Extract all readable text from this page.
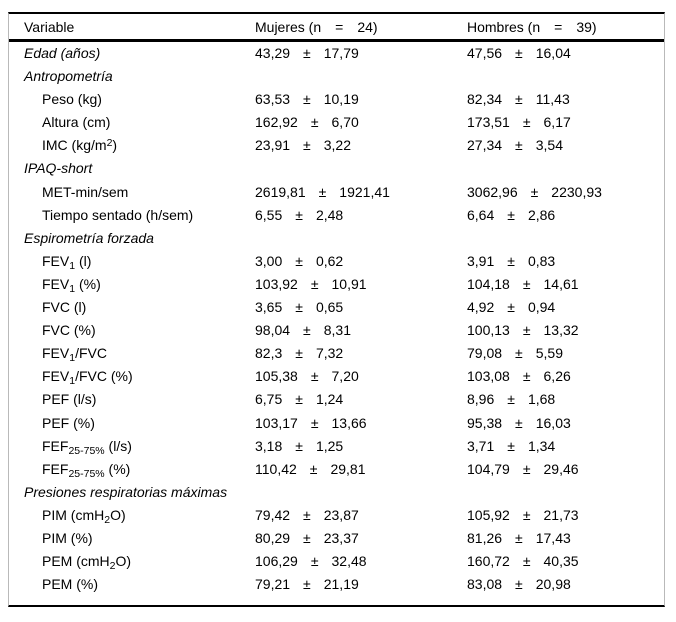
Variable	Mujeres (n = 24)	Hombres (n = 39)
Edad (años)	43,29 ± 17,79	47,56 ± 16,04
Antropometría
Peso (kg)	63,53 ± 10,19	82,34 ± 11,43
Altura (cm)	162,92 ± 6,70	173,51 ± 6,17
IMC $(kg/m^2)$	23,91 ± 3,22	27,34 ± 3,54
IPAQ-short
MET-min/sem	2619,81 ± 1921,41	3062,96 ± 2230,93
Tiempo sentado (h/sem)	6,55 ± 2,48	6,64 ± 2,86
Espirometría forzada
$FEV_1$ (l)	3,00 ± 0,62	3,91 ± 0,83
$FEV_1$ (%)	103,92 ± 10,91	104,18 ± 14,61
FVC (l)	3,65 ± 0,65	4,92 ± 0,94
FVC (%)	98,04 ± 8,31	100,13 ± 13,32
$FEV_1$/FVC	82,3 ± 7,32	79,08 ± 5,59
$FEV_1$/FVC (%)	105,38 ± 7,20	103,08 ± 6,26
PEF (l/s)	6,75 ± 1,24	8,96 ± 1,68
PEF (%)	103,17 ± 13,66	95,38 ± 16,03
$FEF_{25-75\%}$ (l/s)	3,18 ± 1,25	3,71 ± 1,34
$FEF_{25-75\%}$ (%)	110,42 ± 29,81	104,79 ± 29,46
Presiones respiratorias máximas
PIM (cmH$_2$O)	79,42 ± 23,87	105,92 ± 21,73
PIM (%)	80,29 ± 23,37	81,26 ± 17,43
PEM (cmH$_2$O)	106,29 ± 32,48	160,72 ± 40,35
PEM (%)	79,21 ± 21,19	83,08 ± 20,98
